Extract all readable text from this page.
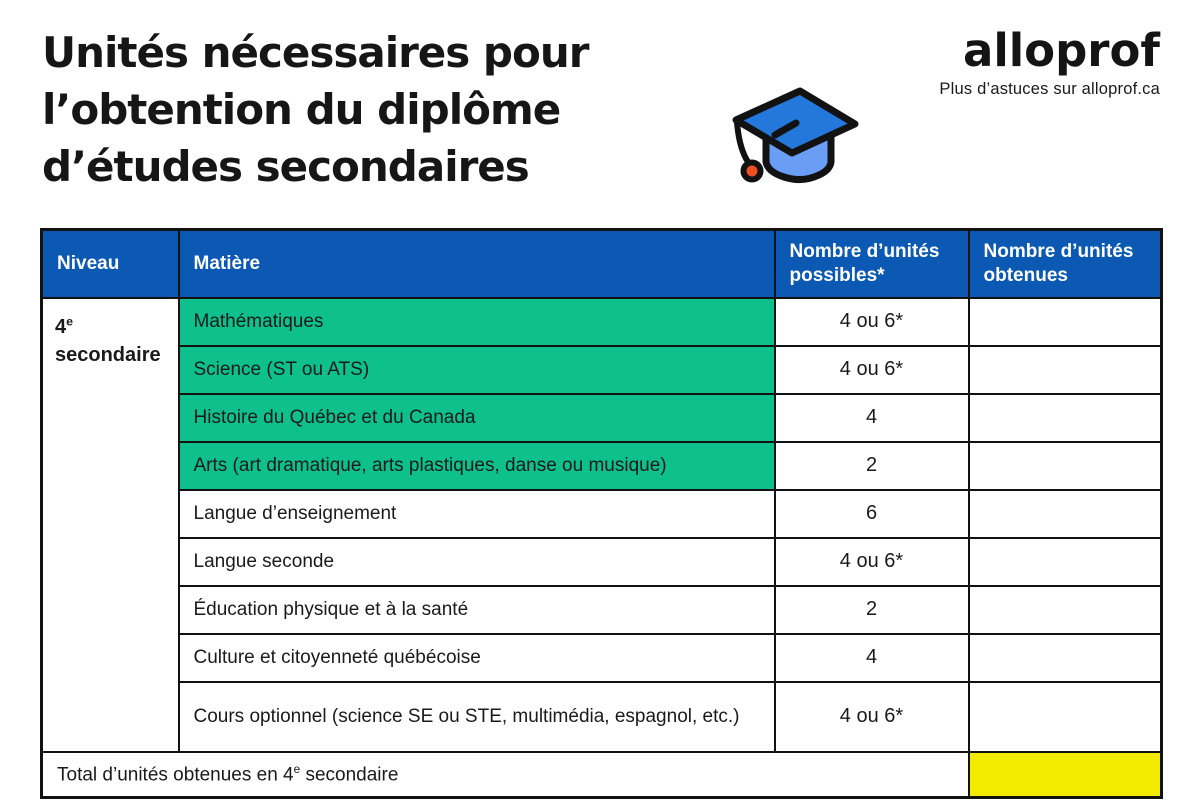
Unités nécessaires pour
l’obtention du diplôme
d’études secondaires
alloprof
Plus d’astuces sur alloprof.ca
Niveau	Matière	Nombre d’unités possibles*	Nombre d’unités obtenues

4e
secondaire	Mathématiques	4 ou 6*	
	Science (ST ou ATS)	4 ou 6*	
	Histoire du Québec et du Canada	4	
	Arts (art dramatique, arts plastiques, danse ou musique)	2	
	Langue d’enseignement	6	
	Langue seconde	4 ou 6*	
	Éducation physique et à la santé	2	
	Culture et citoyenneté québécoise	4	
	Cours optionnel (science SE ou STE, multimédia, espagnol, etc.)	4 ou 6*	
Total d’unités obtenues en 4e secondaire			
